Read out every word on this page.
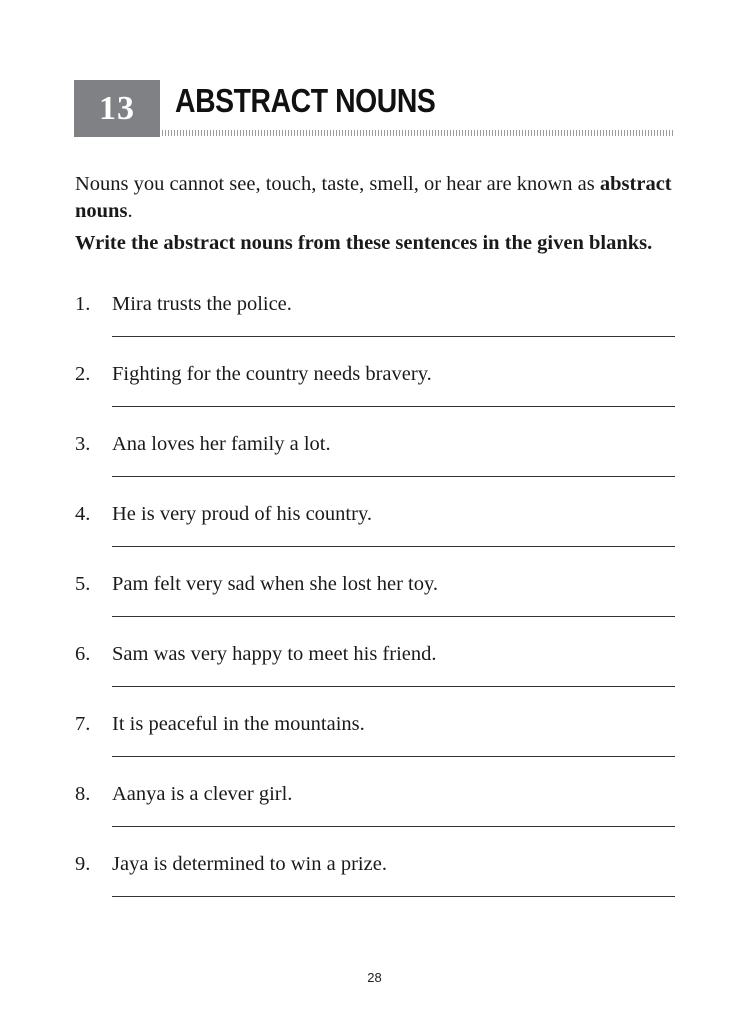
13 ABSTRACT NOUNS
Nouns you cannot see, touch, taste, smell, or hear are known as abstract nouns.
Write the abstract nouns from these sentences in the given blanks.
1. Mira trusts the police.
2. Fighting for the country needs bravery.
3. Ana loves her family a lot.
4. He is very proud of his country.
5. Pam felt very sad when she lost her toy.
6. Sam was very happy to meet his friend.
7. It is peaceful in the mountains.
8. Aanya is a clever girl.
9. Jaya is determined to win a prize.
28
